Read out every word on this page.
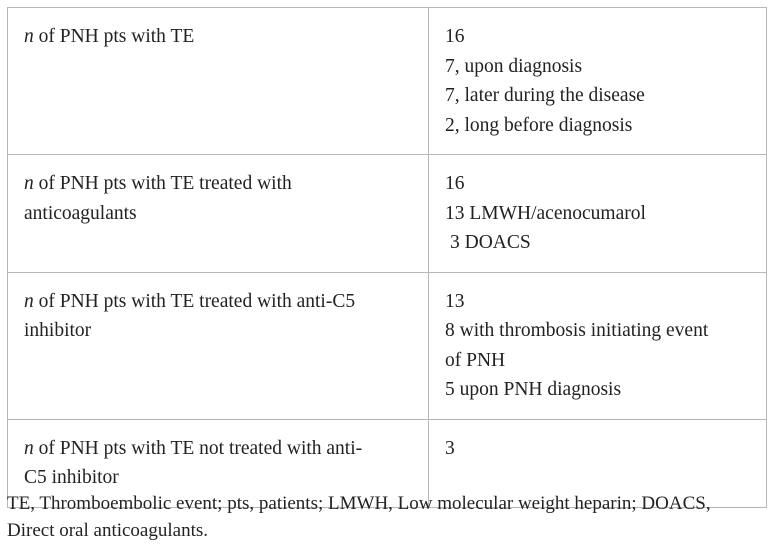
n of PNH pts with TE	16
7, upon diagnosis
7, later during the disease
2, long before diagnosis

n of PNH pts with TE treated with
anticoagulants	16
13 LMWH/acenocumarol
3 DOACS

n of PNH pts with TE treated with anti-C5
inhibitor	13
8 with thrombosis initiating event
of PNH
5 upon PNH diagnosis

n of PNH pts with TE not treated with anti-
C5 inhibitor	3
TE, Thromboembolic event; pts, patients; LMWH, Low molecular weight heparin; DOACS,
Direct oral anticoagulants.
